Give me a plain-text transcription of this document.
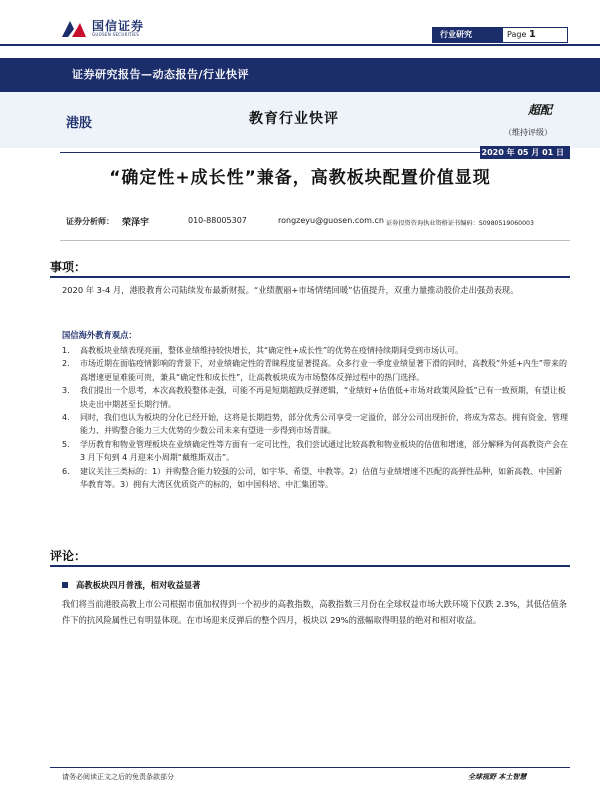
国信证券
GUOSEN SECURITIES	行业研究	Page 1
证券研究报告—动态报告/行业快评
港股	教育行业快评
超配
（维持评级）
2020 年 05 月 01 日
“确定性+成长性”兼备，高教板块配置价值显现
证券分析师： 荣泽宇	010-88005307	rongzeyu@guosen.com.cn 证券投资咨询执业资格证书编码：S0980519060003
事项：

2020 年 3-4 月，港股教育公司陆续发布最新财报。“业绩靓丽+市场情绪回暖”估值提升，双重力量推动股价走出强劲表现。

国信海外教育观点：
1.	高教板块业绩表现亮丽，整体业绩维持较快增长，其“确定性+成长性”的优势在疫情持续期间受到市场认可。
2.	市场近期在面临疫情影响的背景下，对业绩确定性的青睐程度显著提高。众多行业一季度业绩显著下滑的同时，高教股“外延+内生”带来的高增速更显难能可贵，兼具“确定性和成长性”，让高教板块成为市场整体反弹过程中的热门选择。
3.	我们提出一个思考，本次高教股整体走强，可能不再是短期超跌反弹逻辑，“业绩好+估值低+市场对政策风险低”已有一致预期，有望让板块走出中期甚至长期行情。
4.	同时，我们也认为板块的分化已经开始，这将是长期趋势，部分优秀公司享受一定溢价，部分公司出现折价，将成为常态。拥有资金、管理能力、并购整合能力三大优势的少数公司未来有望进一步得到市场青睐。
5.	学历教育和物业管理板块在业绩确定性等方面有一定可比性，我们尝试通过比较高教和物业板块的估值和增速，部分解释为何高教资产会在 3 月下旬到 4 月迎来小周期“戴维斯双击”。
6.	建议关注三类标的：1）并购整合能力较强的公司，如宇华、希望、中教等。2）估值与业绩增速不匹配的高弹性品种，如新高教、中国新华教育等。3）拥有大湾区优质资产的标的，如中国科培、中汇集团等。
评论：
高教板块四月普涨，相对收益显著

我们将当前港股高教上市公司根据市值加权得到一个初步的高教指数，高教指数三月份在全球权益市场大跌环境下仅跌 2.3%，其低估值条件下的抗风险属性已有明显体现。在市场迎来反弹后的整个四月，板块以 29%的涨幅取得明显的绝对和相对收益。

请务必阅读正文之后的免责条款部分	全球视野 本土智慧
